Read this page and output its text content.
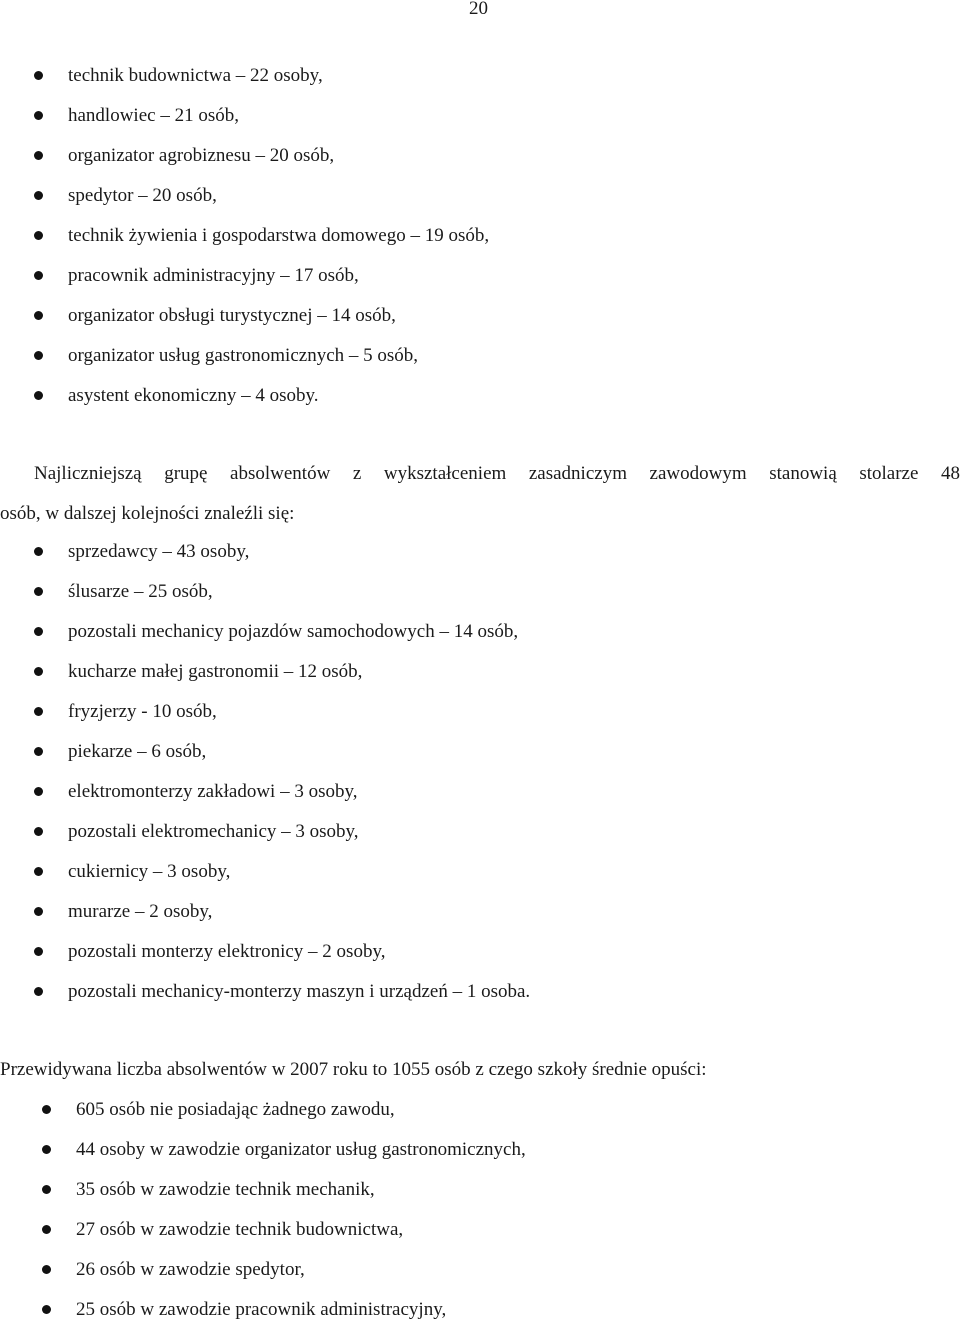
20
technik budownictwa – 22 osoby,
handlowiec – 21 osób,
organizator agrobiznesu – 20 osób,
spedytor – 20 osób,
technik żywienia i gospodarstwa domowego – 19 osób,
pracownik administracyjny – 17 osób,
organizator obsługi turystycznej – 14 osób,
organizator usług gastronomicznych – 5 osób,
asystent ekonomiczny – 4 osoby.

Najliczniejszą grupę absolwentów z wykształceniem zasadniczym zawodowym stanowią stolarze 48
osób, w dalszej kolejności znaleźli się:

sprzedawcy – 43 osoby,
ślusarze – 25 osób,
pozostali mechanicy pojazdów samochodowych – 14 osób,
kucharze małej gastronomii – 12 osób,
fryzjerzy - 10 osób,
piekarze – 6 osób,
elektromonterzy zakładowi – 3 osoby,
pozostali elektromechanicy – 3 osoby,
cukiernicy – 3 osoby,
murarze – 2 osoby,
pozostali monterzy elektronicy – 2 osoby,
pozostali mechanicy-monterzy maszyn i urządzeń – 1 osoba.

Przewidywana liczba absolwentów w 2007 roku to 1055 osób z czego szkoły średnie opuści:

605 osób nie posiadając żadnego zawodu,
44 osoby w zawodzie organizator usług gastronomicznych,
35 osób w zawodzie technik mechanik,
27 osób w zawodzie technik budownictwa,
26 osób w zawodzie spedytor,
25 osób w zawodzie pracownik administracyjny,
